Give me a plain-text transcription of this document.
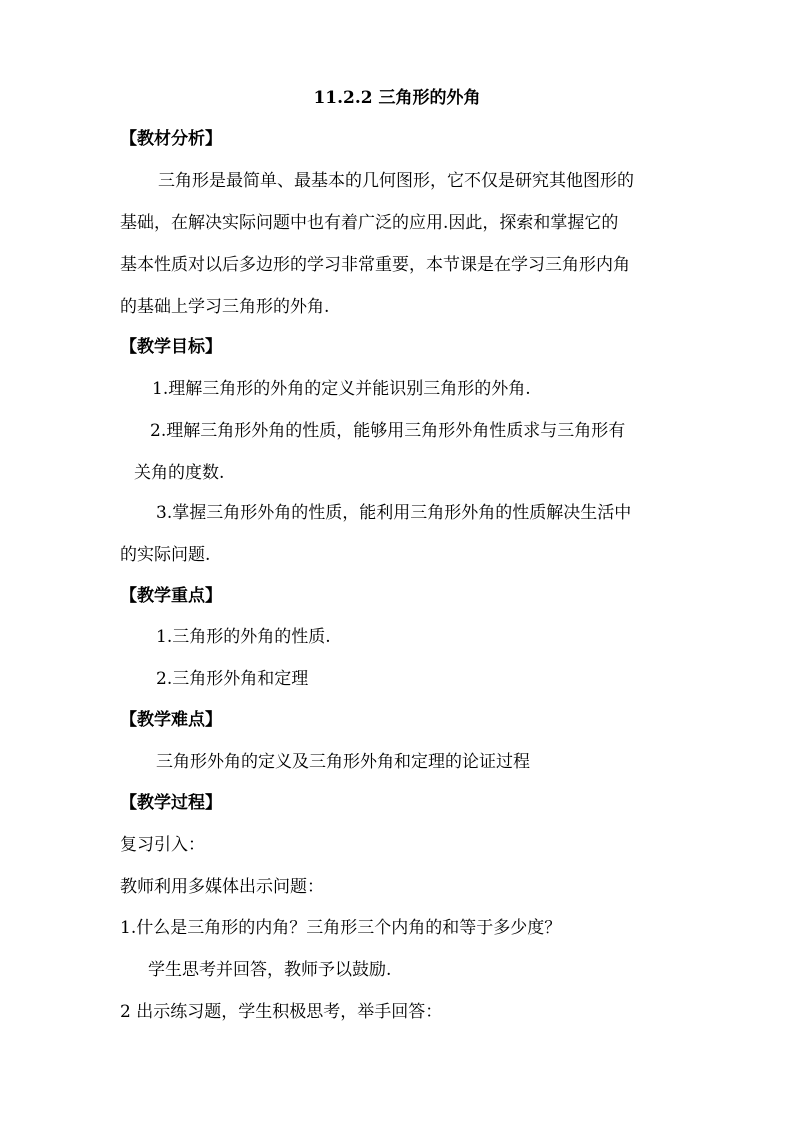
11.2.2 三角形的外角
【教材分析】
三角形是最简单、最基本的几何图形，它不仅是研究其他图形的
基础，在解决实际问题中也有着广泛的应用.因此，探索和掌握它的
基本性质对以后多边形的学习非常重要，本节课是在学习三角形内角
的基础上学习三角形的外角.
【教学目标】
1.理解三角形的外角的定义并能识别三角形的外角.
2.理解三角形外角的性质，能够用三角形外角性质求与三角形有
关角的度数.
3.掌握三角形外角的性质，能利用三角形外角的性质解决生活中
的实际问题.
【教学重点】
1.三角形的外角的性质.
2.三角形外角和定理
【教学难点】
三角形外角的定义及三角形外角和定理的论证过程
【教学过程】
复习引入：
教师利用多媒体出示问题：
1.什么是三角形的内角？三角形三个内角的和等于多少度？
学生思考并回答，教师予以鼓励.
2 出示练习题，学生积极思考，举手回答：
